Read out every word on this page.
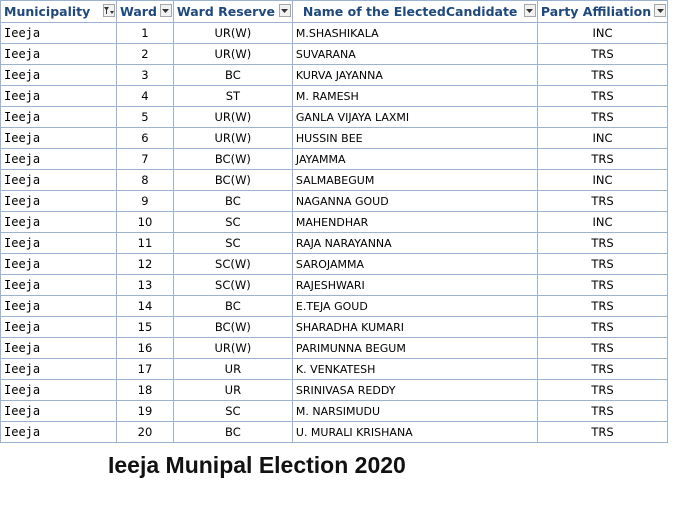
Municipality	Ward	Ward Reserve	Name of the ElectedCandidate	Party Affiliation

Ieeja	1	UR(W)	M.SHASHIKALA	INC
Ieeja	2	UR(W)	SUVARANA	TRS
Ieeja	3	BC	KURVA JAYANNA	TRS
Ieeja	4	ST	M. RAMESH	TRS
Ieeja	5	UR(W)	GANLA VIJAYA LAXMI	TRS
Ieeja	6	UR(W)	HUSSIN BEE	INC
Ieeja	7	BC(W)	JAYAMMA	TRS
Ieeja	8	BC(W)	SALMABEGUM	INC
Ieeja	9	BC	NAGANNA GOUD	TRS
Ieeja	10	SC	MAHENDHAR	INC
Ieeja	11	SC	RAJA NARAYANNA	TRS
Ieeja	12	SC(W)	SAROJAMMA	TRS
Ieeja	13	SC(W)	RAJESHWARI	TRS
Ieeja	14	BC	E.TEJA GOUD	TRS
Ieeja	15	BC(W)	SHARADHA KUMARI	TRS
Ieeja	16	UR(W)	PARIMUNNA BEGUM	TRS
Ieeja	17	UR	K. VENKATESH	TRS
Ieeja	18	UR	SRINIVASA REDDY	TRS
Ieeja	19	SC	M. NARSIMUDU	TRS
Ieeja	20	BC	U. MURALI KRISHANA	TRS
Ieeja Munipal Election 2020
